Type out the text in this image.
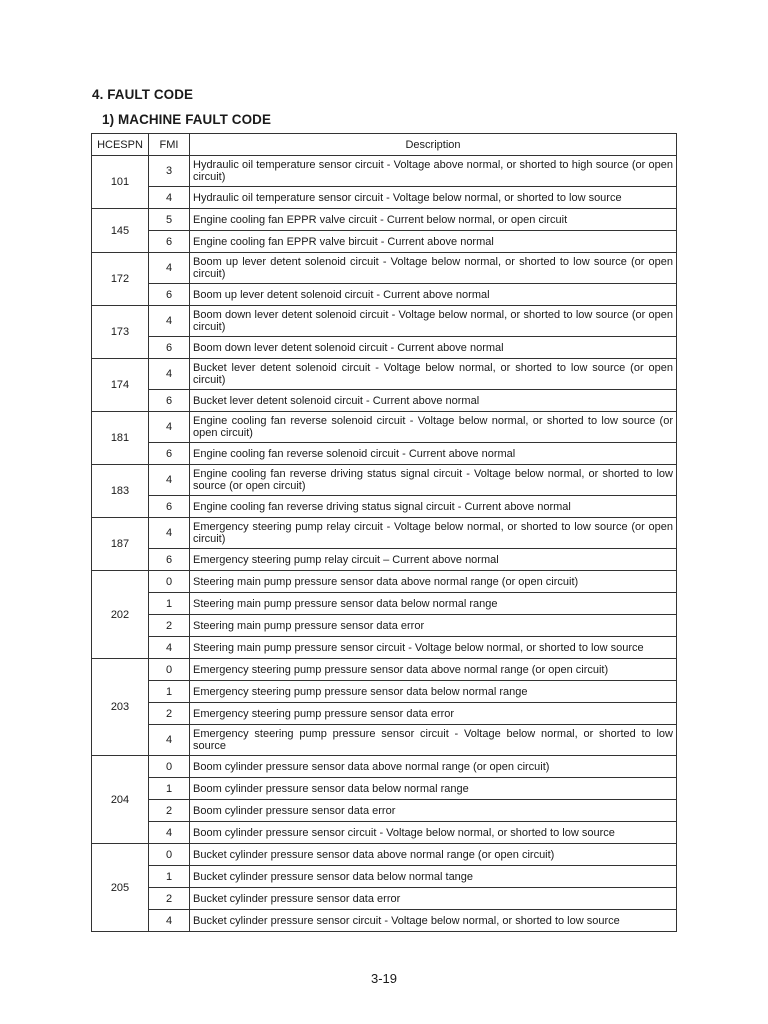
4. FAULT CODE
1) MACHINE FAULT CODE
HCESPN	FMI	Description
101	3	Hydraulic oil temperature sensor circuit - Voltage above normal, or shorted to high source (or open circuit)
	4	Hydraulic oil temperature sensor circuit - Voltage below normal, or shorted to low source
145	5	Engine cooling fan EPPR valve circuit - Current below normal, or open circuit
	6	Engine cooling fan EPPR valve bircuit - Current above normal
172	4	Boom up lever detent solenoid circuit - Voltage below normal, or shorted to low source (or open circuit)
	6	Boom up lever detent solenoid circuit - Current above normal
173	4	Boom down lever detent solenoid circuit - Voltage below normal, or shorted to low source (or open circuit)
	6	Boom down lever detent solenoid circuit - Current above normal
174	4	Bucket lever detent solenoid circuit - Voltage below normal, or shorted to low source (or open circuit)
	6	Bucket lever detent solenoid circuit - Current above normal
181	4	Engine cooling fan reverse solenoid circuit - Voltage below normal, or shorted to low source (or open circuit)
	6	Engine cooling fan reverse solenoid circuit - Current above normal
183	4	Engine cooling fan reverse driving status signal circuit - Voltage below normal, or shorted to low source (or open circuit)
	6	Engine cooling fan reverse driving status signal circuit - Current above normal
187	4	Emergency steering pump relay circuit - Voltage below normal, or shorted to low source (or open circuit)
	6	Emergency steering pump relay circuit – Current above normal
202	0	Steering main pump pressure sensor data above normal range (or open circuit)
	1	Steering main pump pressure sensor data below normal range
	2	Steering main pump pressure sensor data error
	4	Steering main pump pressure sensor circuit - Voltage below normal, or shorted to low source
203	0	Emergency steering pump pressure sensor data above normal range (or open circuit)
	1	Emergency steering pump pressure sensor data below normal range
	2	Emergency steering pump pressure sensor data error
	4	Emergency steering pump pressure sensor circuit - Voltage below normal, or shorted to low source
204	0	Boom cylinder pressure sensor data above normal range (or open circuit)
	1	Boom cylinder pressure sensor data below normal range
	2	Boom cylinder pressure sensor data error
	4	Boom cylinder pressure sensor circuit - Voltage below normal, or shorted to low source
205	0	Bucket cylinder pressure sensor data above normal range (or open circuit)
	1	Bucket cylinder pressure sensor data below normal tange
	2	Bucket cylinder pressure sensor data error
	4	Bucket cylinder pressure sensor circuit - Voltage below normal, or shorted to low source
3-19
